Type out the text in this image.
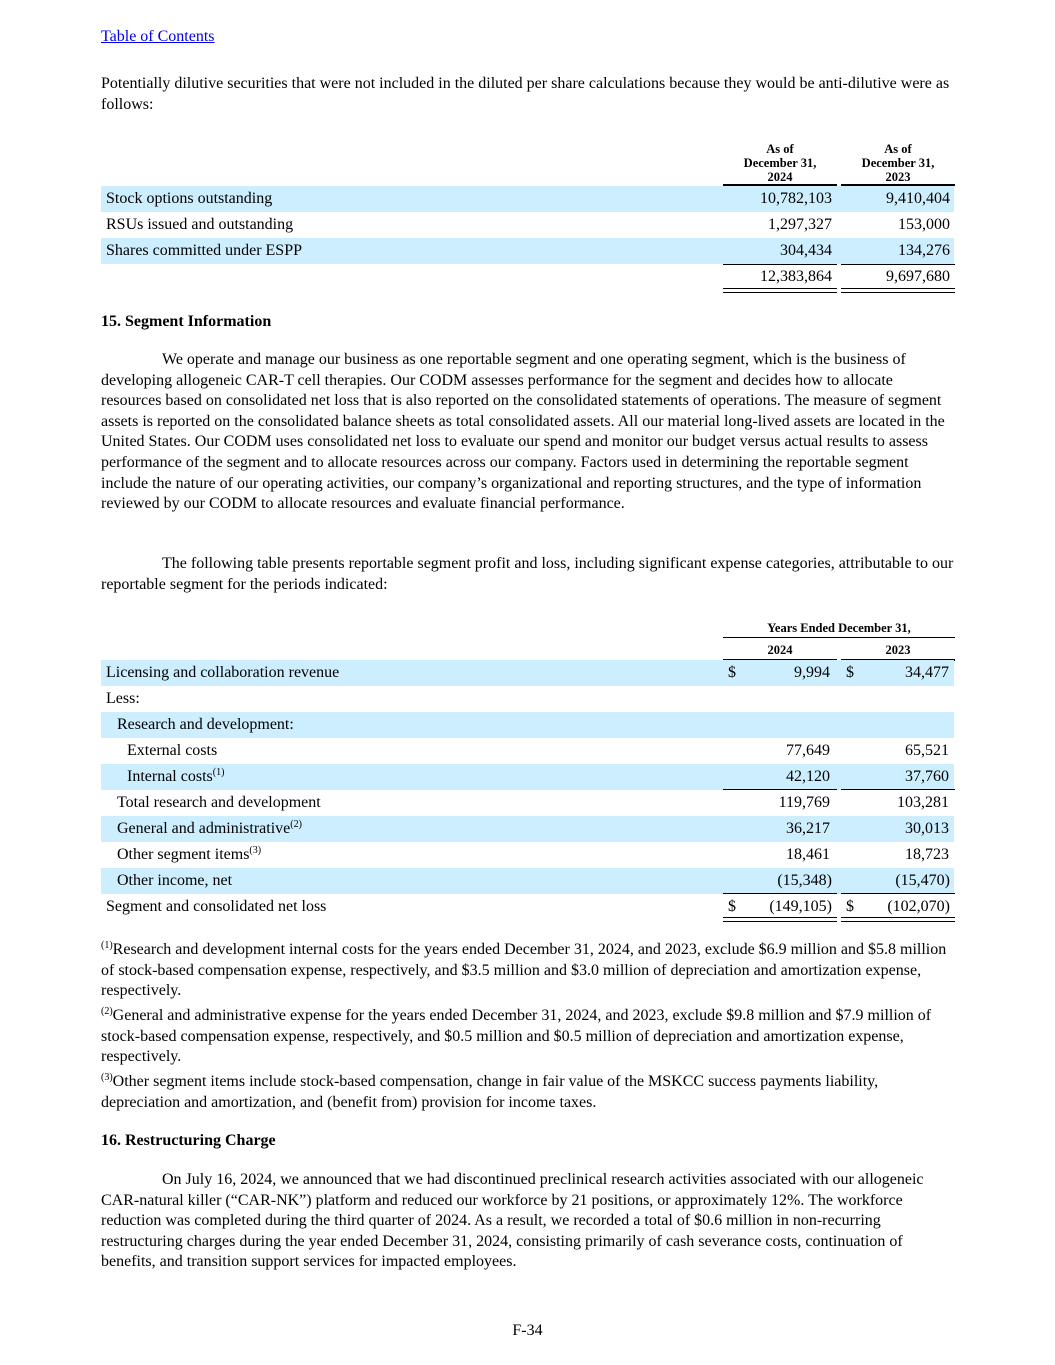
Table of Contents

Potentially dilutive securities that were not included in the diluted per share calculations because they would be anti-dilutive were as follows:

As of
December 31,
2024
As of
December 31,
2023
Stock options outstanding	10,782,103	9,410,404
RSUs issued and outstanding	1,297,327	153,000
Shares committed under ESPP	304,434	134,276
12,383,864	9,697,680
15. Segment Information

We operate and manage our business as one reportable segment and one operating segment, which is the business of developing allogeneic CAR-T cell therapies. Our CODM assesses performance for the segment and decides how to allocate resources based on consolidated net loss that is also reported on the consolidated statements of operations. The measure of segment assets is reported on the consolidated balance sheets as total consolidated assets. All our material long-lived assets are located in the United States. Our CODM uses consolidated net loss to evaluate our spend and monitor our budget versus actual results to assess performance of the segment and to allocate resources across our company. Factors used in determining the reportable segment include the nature of our operating activities, our company’s organizational and reporting structures, and the type of information reviewed by our CODM to allocate resources and evaluate financial performance.

The following table presents reportable segment profit and loss, including significant expense categories, attributable to our reportable segment for the periods indicated:

Years Ended December 31,
2024	2023
Licensing and collaboration revenue	$	9,994 $	34,477
Less:
Research and development:
External costs	77,649	65,521
Internal costs$^{(1)}$	42,120	37,760
Total research and development	119,769	103,281
General and administrative$^{(2)}$	36,217	30,013
Other segment items$^{(3)}$	18,461	18,723
Other income, net	(15,348)	(15,470)
Segment and consolidated net loss	$ (149,105) $ (102,070)

$^{(1)}$Research and development internal costs for the years ended December 31, 2024, and 2023, exclude $6.9 million and $5.8 million of stock-based compensation expense, respectively, and $3.5 million and $3.0 million of depreciation and amortization expense, respectively.

$^{(2)}$General and administrative expense for the years ended December 31, 2024, and 2023, exclude $9.8 million and $7.9 million of stock-based compensation expense, respectively, and $0.5 million and $0.5 million of depreciation and amortization expense, respectively.

$^{(3)}$Other segment items include stock-based compensation, change in fair value of the MSKCC success payments liability, depreciation and amortization, and (benefit from) provision for income taxes.

16. Restructuring Charge

On July 16, 2024, we announced that we had discontinued preclinical research activities associated with our allogeneic CAR-natural killer (“CAR-NK”) platform and reduced our workforce by 21 positions, or approximately 12%. The workforce reduction was completed during the third quarter of 2024. As a result, we recorded a total of $0.6 million in non-recurring restructuring charges during the year ended December 31, 2024, consisting primarily of cash severance costs, continuation of benefits, and transition support services for impacted employees.

F-34
